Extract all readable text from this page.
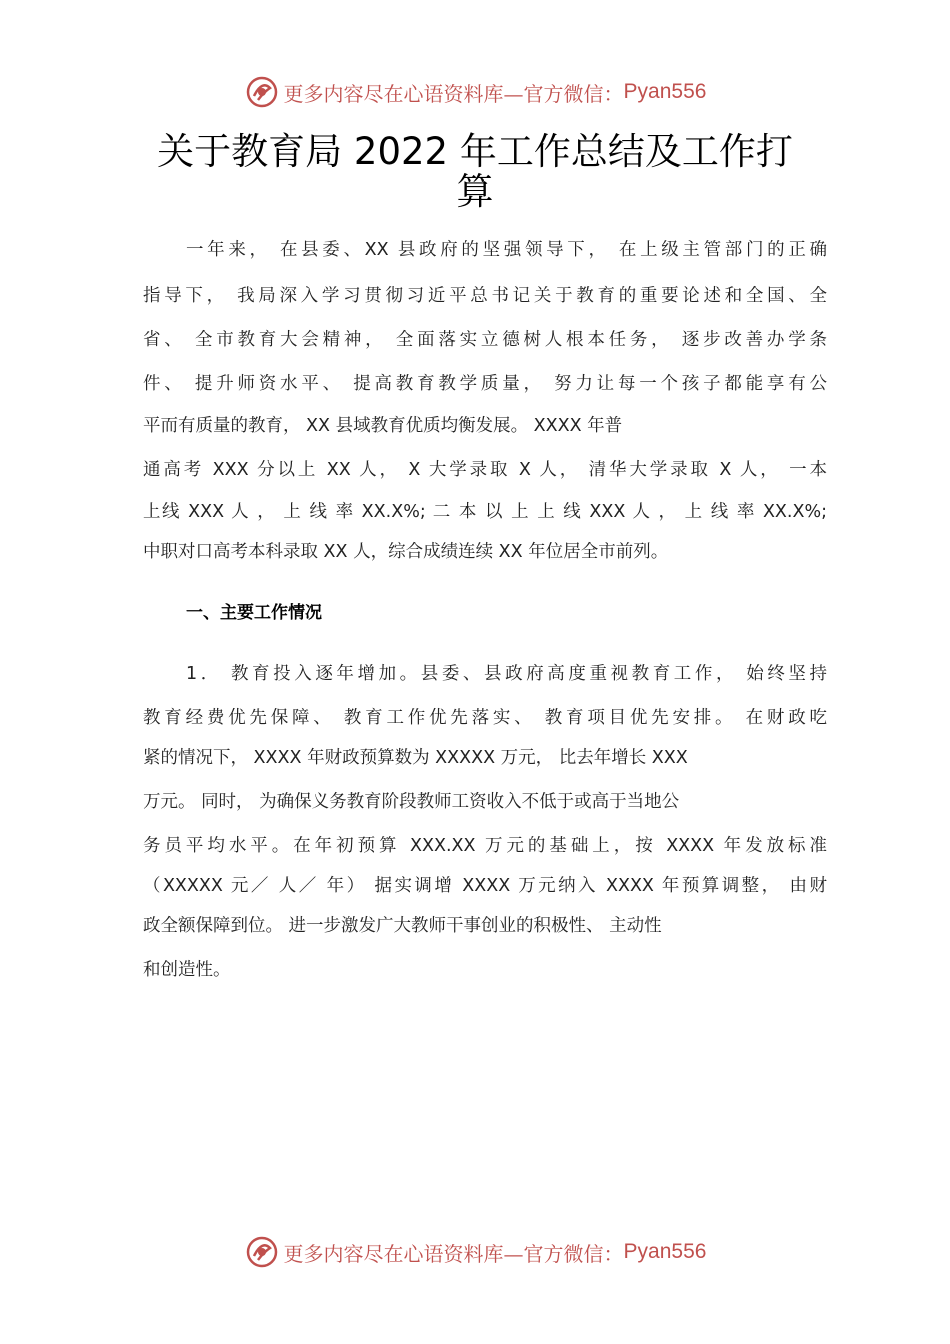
更多内容尽在心语资料库—官方微信： Pyan556
关于教育局 2022 年工作总结及工作打
算

一年来， 在县委、XX 县政府的坚强领导下， 在上级主管部门的正确

指导下， 我局深入学习贯彻习近平总书记关于教育的重要论述和全国、全

省、 全市教育大会精神， 全面落实立德树人根本任务， 逐步改善办学条

件、 提升师资水平、 提高教育教学质量， 努力让每一个孩子都能享有公

平而有质量的教育， XX 县域教育优质均衡发展。 XXXX 年普

通高考 XXX 分以上 XX 人， X 大学录取 X 人， 清华大学录取 X 人， 一本

上线 XXX 人 ， 上 线 率 XX.X%; 二 本 以 上 上 线 XXX 人 ， 上 线 率 XX.X%;

中职对口高考本科录取 XX 人，综合成绩连续 XX 年位居全市前列。

一、主要工作情况

1． 教育投入逐年增加。县委、县政府高度重视教育工作， 始终坚持

教育经费优先保障、 教育工作优先落实、 教育项目优先安排。 在财政吃

紧的情况下， XXXX 年财政预算数为 XXXXX 万元， 比去年增长 XXX

万元。 同时， 为确保义务教育阶段教师工资收入不低于或高于当地公

务员平均水平。在年初预算 XXX.XX 万元的基础上，按 XXXX 年发放标准

（XXXXX 元／ 人／ 年） 据实调增 XXXX 万元纳入 XXXX 年预算调整， 由财

政全额保障到位。 进一步激发广大教师干事创业的积极性、 主动性

和创造性。

更多内容尽在心语资料库—官方微信： Pyan556
